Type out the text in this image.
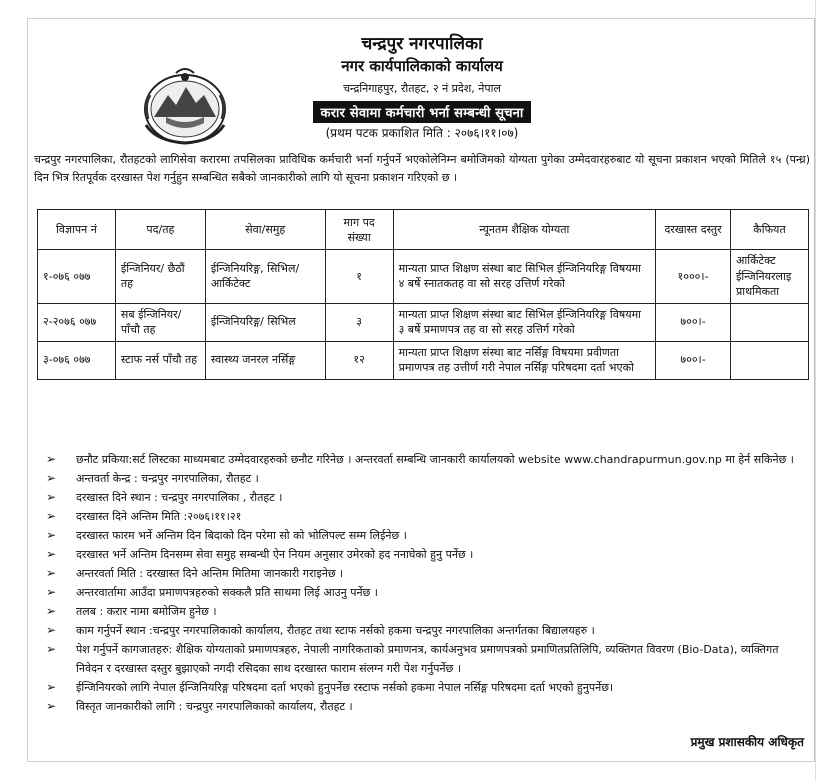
चन्द्रपुर नगरपालिका
नगर कार्यपालिकाको कार्यालय
चन्द्रनिगाहपुर, रौतहट, २ नं प्रदेश, नेपाल
करार सेवामा कर्मचारी भर्ना सम्बन्धी सूचना
(प्रथम पटक प्रकाशित मिति : २०७६।११।०७)

चन्द्रपुर नगरपालिका, रौतहटको लागिसेवा करारमा तपसिलका प्राविधिक कर्मचारी भर्ना गर्नुपर्ने भएकोलेनिम्न बमोजिमको योग्यता पुगेका उम्मेदवारहरुबाट यो सूचना प्रकाशन भएको मितिले १५ (पन्ध्र) दिन भित्र रितपूर्वक दरखास्त पेश गर्नुहुन सम्बन्धित सबैको जानकारीको लागि यो सूचना प्रकाशन गरिएको छ ।

विज्ञापन नं	पद/तह	सेवा/समुह	माग पद संख्या	न्यूनतम शैक्षिक योग्यता	दरखास्त दस्तुर	कैफियत
१-०७६ ०७७	ईन्जिनियर/ छैठौं तह	ईन्जिनियरिङ्ग, सिभिल/ आर्किटेक्ट	१	मान्यता प्राप्त शिक्षण संस्था बाट सिभिल ईन्जिनियरिङ्ग विषयमा ४ बर्षे स्नातकतह वा सो सरह उत्तिर्ण गरेको	१०००।-	आर्किटेक्ट ईन्जिनियरलाइ प्राथमिकता
२-२०७६ ०७७	सब ईन्जिनियर/ पाँचौ तह	ईन्जिनियरिङ्ग/ सिभिल	३	मान्यता प्राप्त शिक्षण संस्था बाट सिभिल ईन्जिनियरिङ्ग विषयमा ३ बर्षे प्रमाणपत्र तह वा सो सरह उत्तिर्ग गरेको	७००।-	
३-०७६ ०७७	स्टाफ नर्स पाँचौ तह	स्वास्थ्य जनरल नर्सिङ्ग	१२	मान्यता प्राप्त शिक्षण संस्था बाट नर्सिङ्ग विषयमा प्रवीणता प्रमाणपत्र तह उत्तीर्ण गरी नेपाल नर्सिङ्ग परिषदमा दर्ता भएको	७००।-	
➢ छनौट प्रकिया:सर्ट लिस्टका माध्यमबाट उम्मेदवारहरुको छनौट गरिनेछ । अन्तरवर्ता सम्बन्धि जानकारी कार्यालयको website www.chandrapurmun.gov.np मा हेर्न सकिनेछ ।
➢ अन्तवर्ता केन्द्र : चन्द्रपुर नगरपालिका, रौतहट ।
➢ दरखास्त दिने स्थान : चन्द्रपुर नगरपालिका , रौतहट ।
➢ दरखास्त दिने अन्तिम मिति :२०७६।११।२१
➢ दरखास्त फारम भर्ने अन्तिम दिन बिदाको दिन परेमा सो को भोलिपल्ट सम्म लिईनेछ ।
➢ दरखास्त भर्ने अन्तिम दिनसम्म सेवा समुह सम्बन्धी ऐन नियम अनुसार उमेरको हद ननाघेको हुनु पर्नेछ ।
➢ अन्तरवर्ता मिति : दरखास्त दिने अन्तिम मितिमा जानकारी गराइनेछ ।
➢ अन्तरवार्तामा आउँदा प्रमाणपत्रहरुको सक्कलै प्रति साथमा लिई आउनु पर्नेछ ।
➢ तलब : करार नामा बमोजिम हुनेछ ।
➢ काम गर्नुपर्ने स्थान :चन्द्रपुर नगरपालिकाको कार्यालय, रौतहट तथा स्टाफ नर्सको हकमा चन्द्रपुर नगरपालिका अन्तर्गतका बिद्यालयहरु ।
➢ पेश गर्नुपर्ने कागजातहरु: शैक्षिक योग्यताको प्रमाणपत्रहरु, नेपाली नागरिकताको प्रमाणनत्र, कार्यअनुभव प्रमाणपत्रको प्रमाणितप्रतिलिपि, व्यक्तिगत विवरण (Bio-Data), व्यक्तिगत निवेदन र दरखास्त दस्तुर बुझाएको नगदी रसिदका साथ दरखास्त फाराम संलग्न गरी पेश गर्नुपर्नेछ ।
➢ ईन्जिनियरको लागि नेपाल ईन्जिनियरिङ्ग परिषदमा दर्ता भएको हुनुपर्नेछ रस्टाफ नर्सको हकमा नेपाल नर्सिङ्ग परिषदमा दर्ता भएको हुनुपर्नेछ।
➢ विस्तृत जानकारीको लागि : चन्द्रपुर नगरपालिकाको कार्यालय, रौतहट ।
प्रमुख प्रशासकीय अधिकृत
